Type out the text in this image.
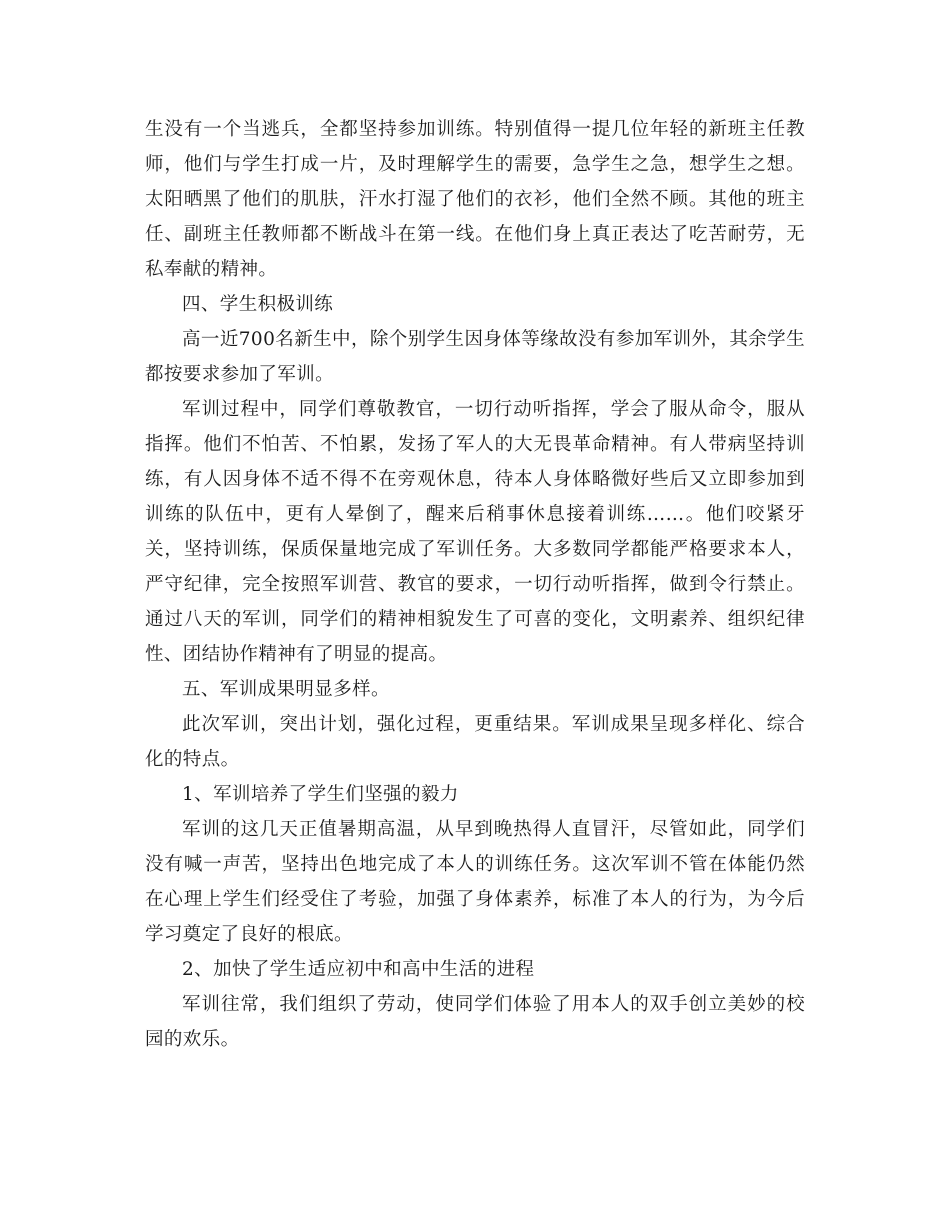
生没有一个当逃兵，全都坚持参加训练。特别值得一提几位年轻的新班主任教师，他们与学生打成一片，及时理解学生的需要，急学生之急，想学生之想。太阳晒黑了他们的肌肤，汗水打湿了他们的衣衫，他们全然不顾。其他的班主任、副班主任教师都不断战斗在第一线。在他们身上真正表达了吃苦耐劳，无私奉献的精神。

四、学生积极训练

高一近700名新生中，除个别学生因身体等缘故没有参加军训外，其余学生都按要求参加了军训。

军训过程中，同学们尊敬教官，一切行动听指挥，学会了服从命令，服从指挥。他们不怕苦、不怕累，发扬了军人的大无畏革命精神。有人带病坚持训练，有人因身体不适不得不在旁观休息，待本人身体略微好些后又立即参加到训练的队伍中，更有人晕倒了，醒来后稍事休息接着训练……。他们咬紧牙关，坚持训练，保质保量地完成了军训任务。大多数同学都能严格要求本人，严守纪律，完全按照军训营、教官的要求，一切行动听指挥，做到令行禁止。通过八天的军训，同学们的精神相貌发生了可喜的变化，文明素养、组织纪律性、团结协作精神有了明显的提高。

五、军训成果明显多样。

此次军训，突出计划，强化过程，更重结果。军训成果呈现多样化、综合化的特点。

1、军训培养了学生们坚强的毅力

军训的这几天正值暑期高温，从早到晚热得人直冒汗，尽管如此，同学们没有喊一声苦，坚持出色地完成了本人的训练任务。这次军训不管在体能仍然在心理上学生们经受住了考验，加强了身体素养，标准了本人的行为，为今后学习奠定了良好的根底。

2、加快了学生适应初中和高中生活的进程

军训往常，我们组织了劳动，使同学们体验了用本人的双手创立美妙的校园的欢乐。
